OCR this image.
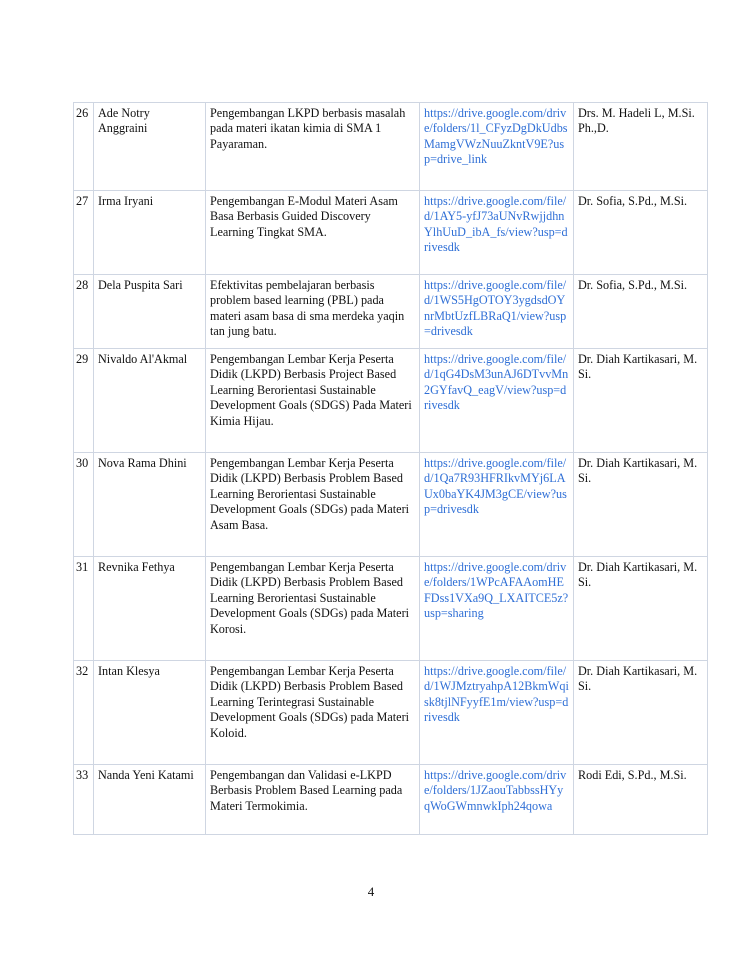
26	Ade Notry Anggraini	Pengembangan LKPD berbasis masalah pada materi ikatan kimia di SMA 1 Payaraman.	https://drive.google.com/drive/folders/1l_CFyzDgDkUdbsMamgVWzNuuZkntV9E?usp=drive_link	Drs. M. Hadeli L, M.Si. Ph.,D.
27	Irma Iryani	Pengembangan E-Modul Materi Asam Basa Berbasis Guided Discovery Learning Tingkat SMA.	https://drive.google.com/file/d/1AY5-yfJ73aUNvRwjjdhnYlhUuD_ibA_fs/view?usp=drivesdk	Dr. Sofia, S.Pd., M.Si.
28	Dela Puspita Sari	Efektivitas pembelajaran berbasis problem based learning (PBL) pada materi asam basa di sma merdeka yaqin tan jung batu.	https://drive.google.com/file/d/1WS5HgOTOY3ygdsdOYnrMbtUzfLBRaQ1/view?usp=drivesdk	Dr. Sofia, S.Pd., M.Si.
29	Nivaldo Al'Akmal	Pengembangan Lembar Kerja Peserta Didik (LKPD) Berbasis Project Based Learning Berorientasi Sustainable Development Goals (SDGS) Pada Materi Kimia Hijau.	https://drive.google.com/file/d/1qG4DsM3unAJ6DTvvMn2GYfavQ_eagV/view?usp=drivesdk	Dr. Diah Kartikasari, M. Si.
30	Nova Rama Dhini	Pengembangan Lembar Kerja Peserta Didik (LKPD) Berbasis Problem Based Learning Berorientasi Sustainable Development Goals (SDGs) pada Materi Asam Basa.	https://drive.google.com/file/d/1Qa7R93HFRIkvMYj6LAUx0baYK4JM3gCE/view?usp=drivesdk	Dr. Diah Kartikasari, M. Si.
31	Revnika Fethya	Pengembangan Lembar Kerja Peserta Didik (LKPD) Berbasis Problem Based Learning Berorientasi Sustainable Development Goals (SDGs) pada Materi Korosi.	https://drive.google.com/drive/folders/1WPcAFAAomHEFDss1VXa9Q_LXAITCE5z?usp=sharing	Dr. Diah Kartikasari, M. Si.
32	Intan Klesya	Pengembangan Lembar Kerja Peserta Didik (LKPD) Berbasis Problem Based Learning Terintegrasi Sustainable Development Goals (SDGs) pada Materi Koloid.	https://drive.google.com/file/d/1WJMztryahpA12BkmWqisk8tjlNFyyfE1m/view?usp=drivesdk	Dr. Diah Kartikasari, M. Si.
33	Nanda Yeni Katami	Pengembangan dan Validasi e-LKPD Berbasis Problem Based Learning pada Materi Termokimia.	https://drive.google.com/drive/folders/1JZaouTabbssHYyqWoGWmnwkIph24qowa	Rodi Edi, S.Pd., M.Si.
4
